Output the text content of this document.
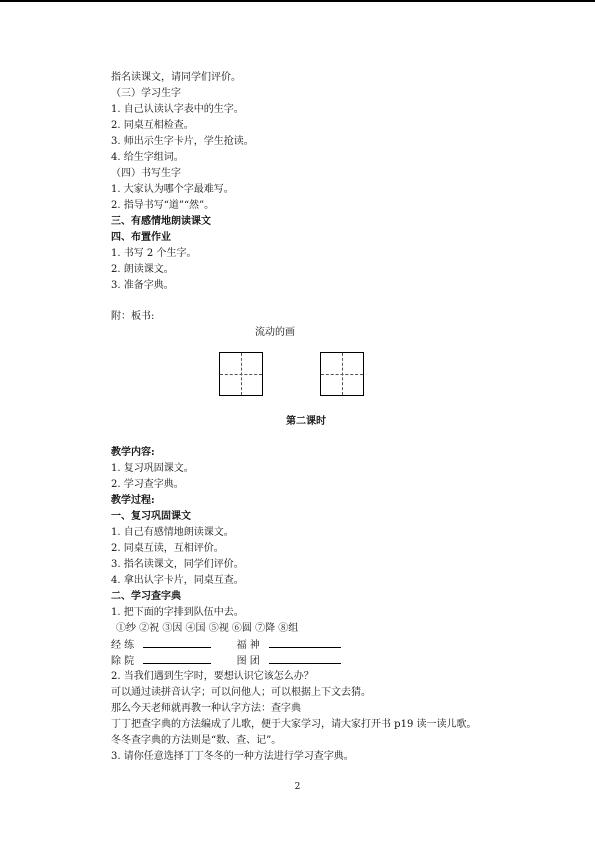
指名读课文，请同学们评价。
（三）学习生字
1. 自己认读认字表中的生字。
2. 同桌互相检查。
3. 师出示生字卡片，学生抢读。
4. 给生字组词。
（四）书写生字
1. 大家认为哪个字最难写。
2. 指导书写“道”“然”。
三、有感情地朗读课文
四、布置作业
1. 书写 2 个生字。
2. 朗读课文。
3. 准备字典。
附：板书:
流动的画
第二课时
教学内容:
1. 复习巩固课文。
2. 学习查字典。
教学过程:
一、复习巩固课文
1. 自己有感情地朗读课文。
2. 同桌互读，互相评价。
3. 指名读课文，同学们评价。
4. 拿出认字卡片，同桌互查。
二、学习查字典
1. 把下面的字排到队伍中去。
①纱 ②祝 ③因 ④国 ⑤视 ⑥圆 ⑦降 ⑧组
经 练	福 神
除 院	图 团
2. 当我们遇到生字时，要想认识它该怎么办？
可以通过读拼音认字；可以问他人；可以根据上下文去猜。
那么今天老师就再教一种认字方法：查字典
丁丁把查字典的方法编成了儿歌，便于大家学习，请大家打开书 p19 读一读儿歌。
冬冬查字典的方法则是“数、查、记”。
3. 请你任意选择丁丁冬冬的一种方法进行学习查字典。
2
